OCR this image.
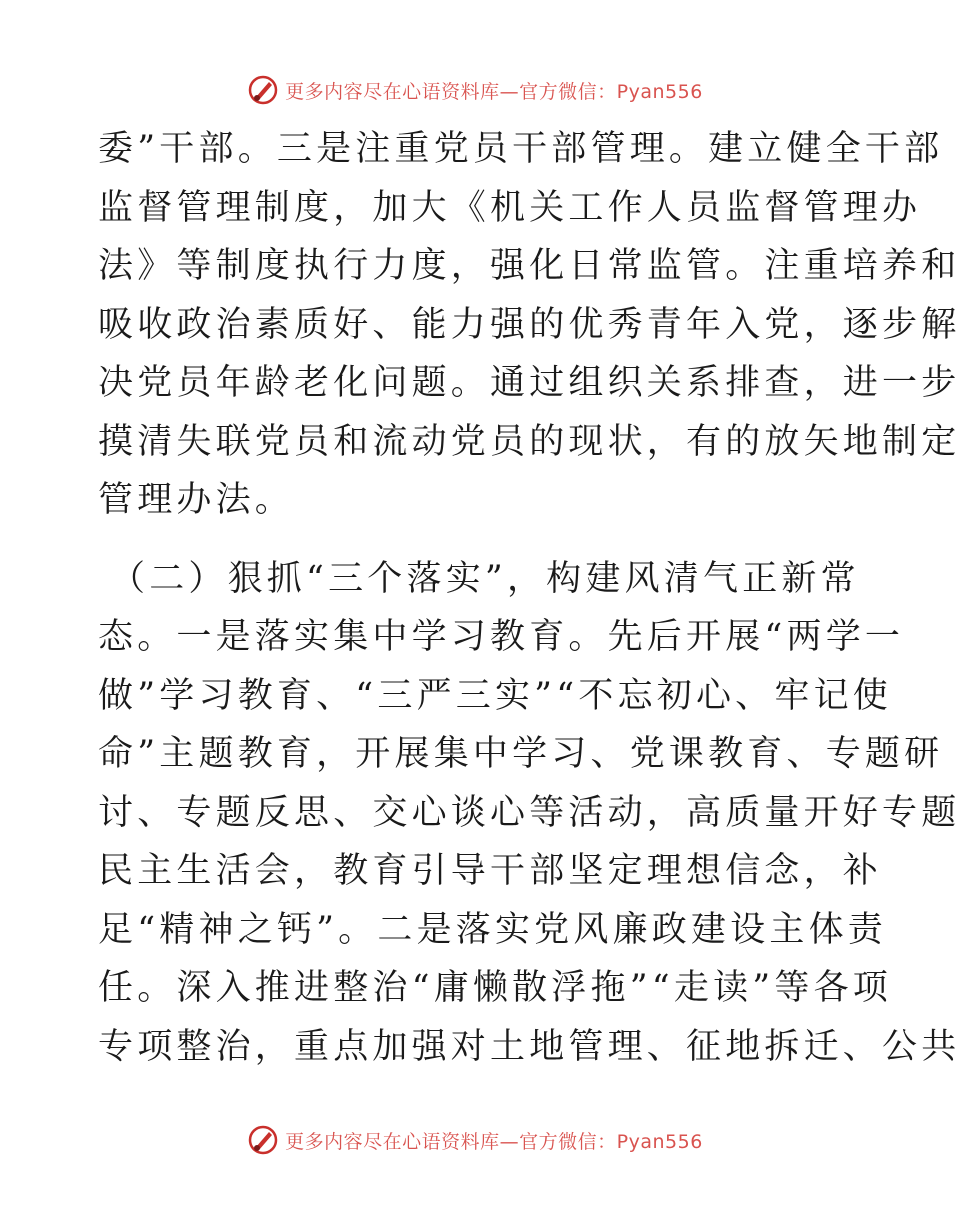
更多内容尽在心语资料库—官方微信：Pyan556
委”干部。三是注重党员干部管理。建立健全干部
监督管理制度，加大《机关工作人员监督管理办
法》等制度执行力度，强化日常监管。注重培养和
吸收政治素质好、能力强的优秀青年入党，逐步解
决党员年龄老化问题。通过组织关系排查，进一步
摸清失联党员和流动党员的现状，有的放矢地制定
管理办法。
（二）狠抓“三个落实”，构建风清气正新常
态。一是落实集中学习教育。先后开展“两学一
做”学习教育、“三严三实”“不忘初心、牢记使
命”主题教育，开展集中学习、党课教育、专题研
讨、专题反思、交心谈心等活动，高质量开好专题
民主生活会，教育引导干部坚定理想信念，补
足“精神之钙”。二是落实党风廉政建设主体责
任。深入推进整治“庸懒散浮拖”“走读”等各项
专项整治，重点加强对土地管理、征地拆迁、公共
更多内容尽在心语资料库—官方微信：Pyan556
